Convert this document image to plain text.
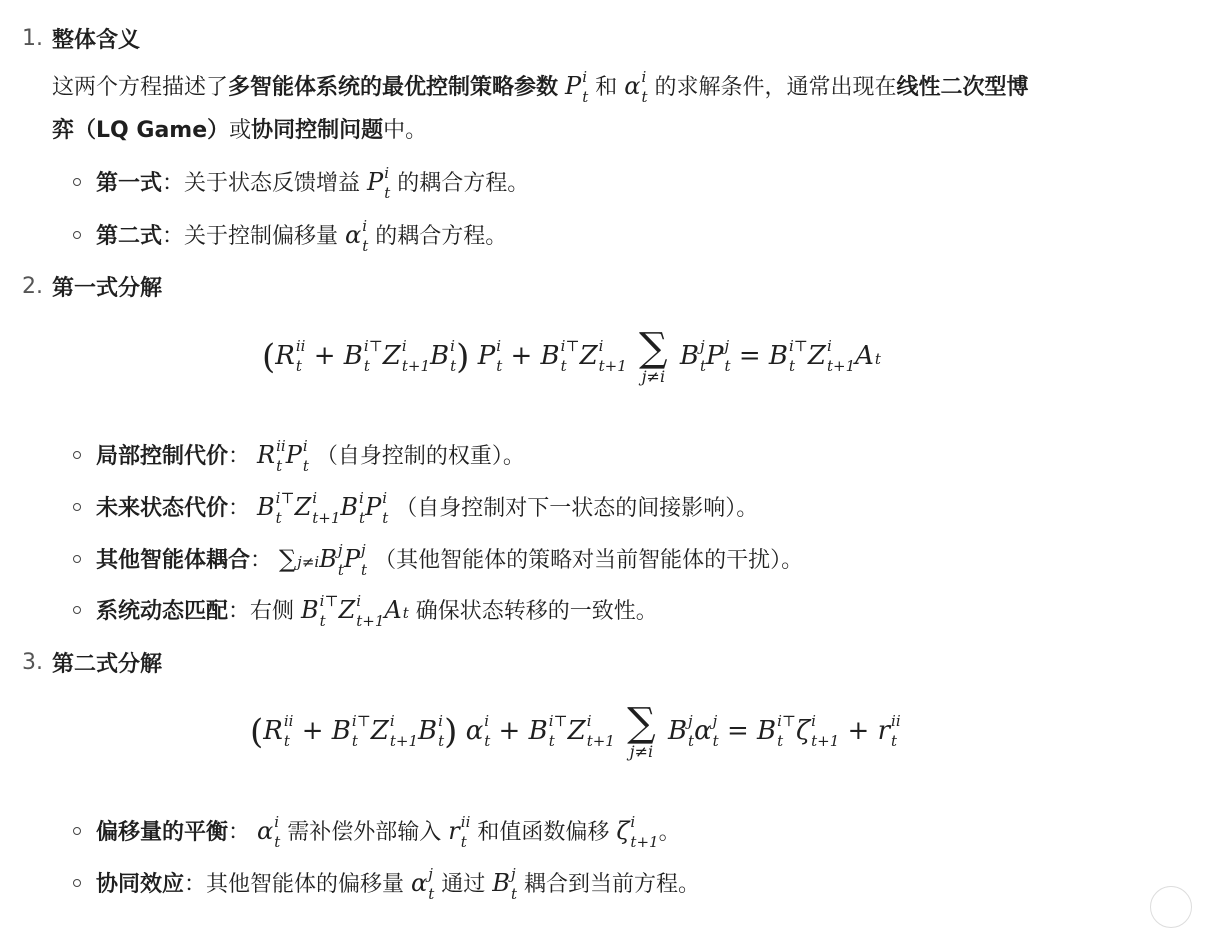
1. 整体含义
这两个方程描述了多智能体系统的最优控制策略参数 P i
t 和 α i
t 的求解条件，通常出现在线性二次型博
弈（LQ Game）或协同控制问题中。
第一式：关于状态反馈增益 P i
t 的耦合方程。
第二式：关于控制偏移量 α i
t 的耦合方程。
2. 第一式分解
(R ii
t + B i⊤
t Z i
t+1 B i
t ) P i
t + B i⊤
t Z i
t+1
∑
j≠i
B j
t P j
t = B i⊤
t Z i
t+1 A t
局部控制代价： R ii
t P i
t （自身控制的权重）。
未来状态代价： B i⊤
t Z i
t+1 B i
t P i
t （自身控制对下一状态的间接影响）。
其他智能体耦合： ∑ j≠i B j
t P j
t （其他智能体的策略对当前智能体的干扰）。
系统动态匹配：右侧 B i⊤
t Z i
t+1 A t 确保状态转移的一致性。
3. 第二式分解
(R ii
t + B i⊤
t Z i
t+1 B i
t ) α i
t + B i⊤
t Z i
t+1
∑
j≠i
B j
t α j
t = B i⊤
t ζ i
t+1 + r ii
t
偏移量的平衡： α i
t 需补偿外部输入 r ii
t 和值函数偏移 ζ i
t+1 。
协同效应：其他智能体的偏移量 α j
t 通过 B j
t 耦合到当前方程。
